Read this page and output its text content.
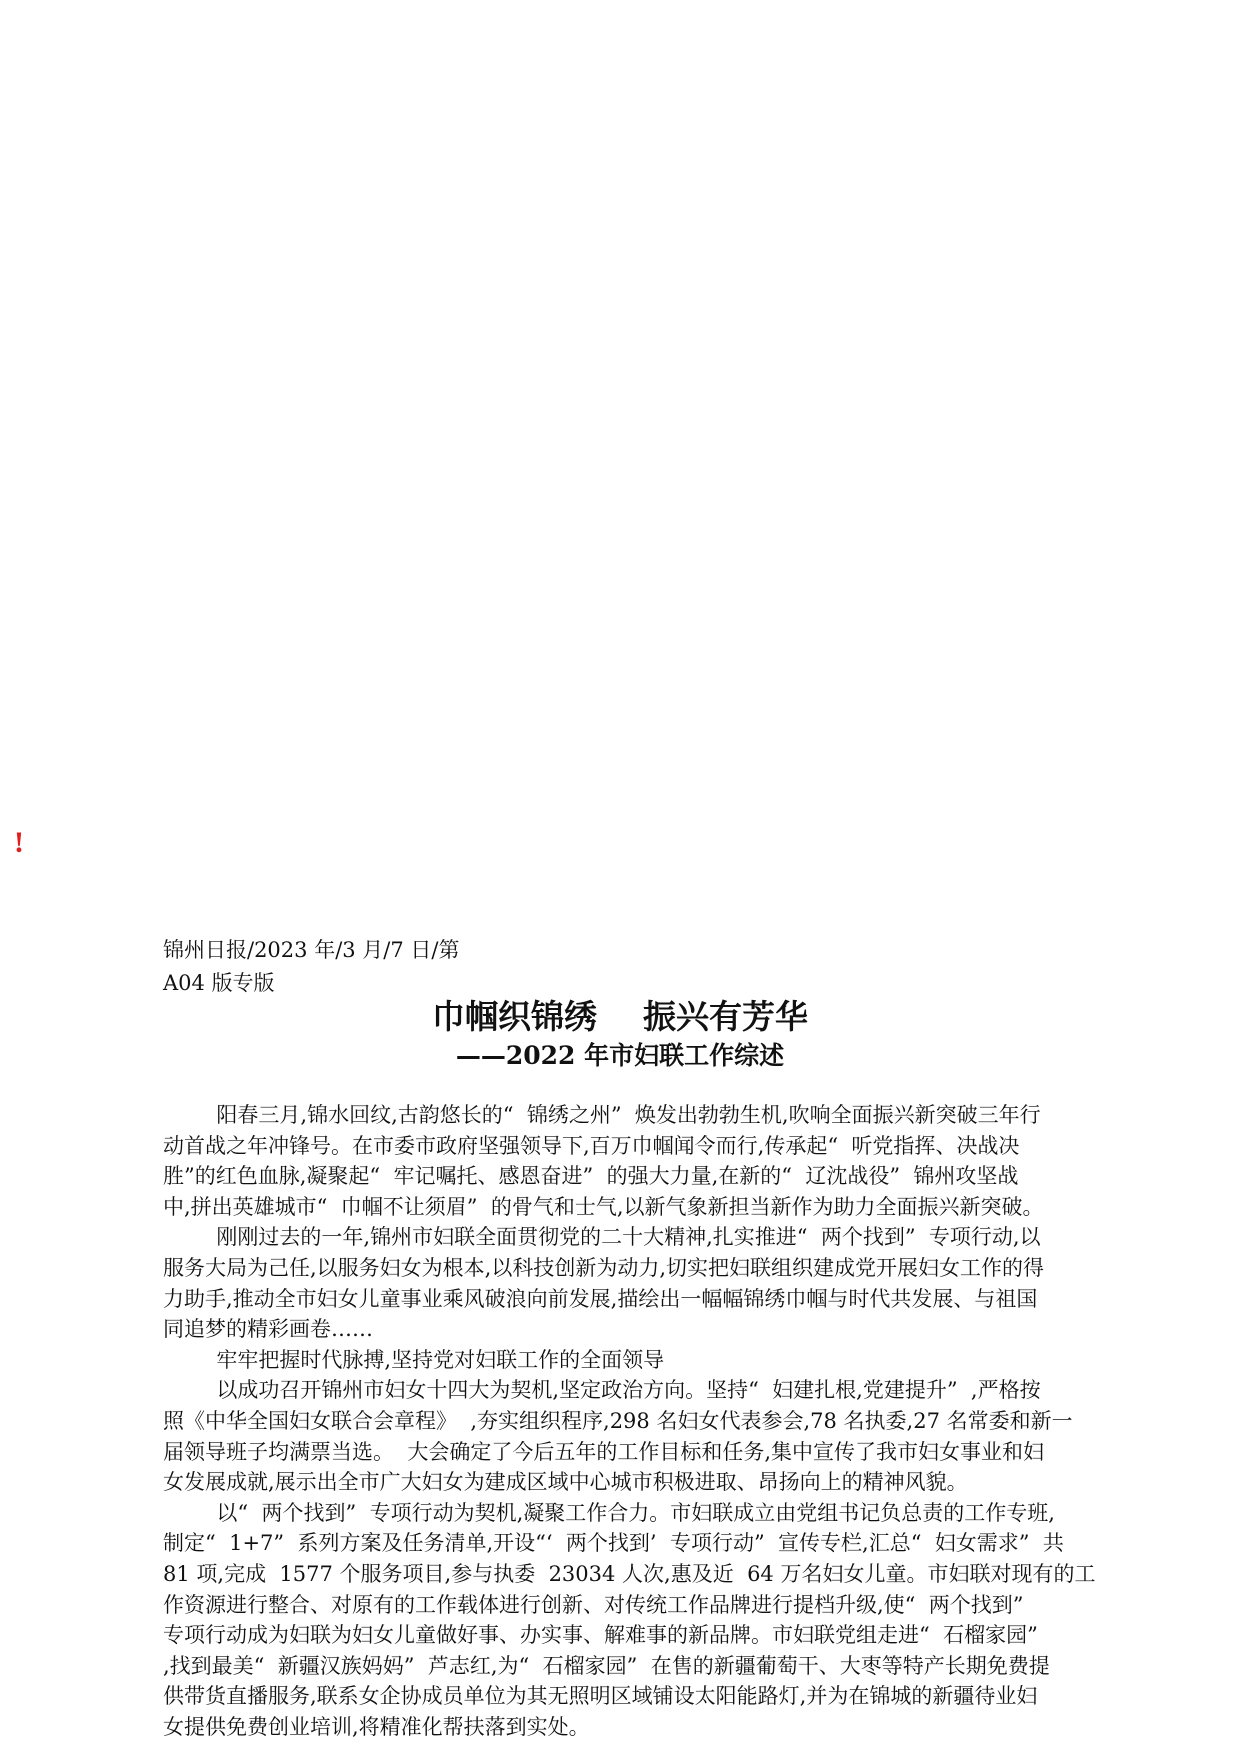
!
锦州日报/2023 年/3 月/7 日/第 A04 版专版
巾帼织锦绣    振兴有芳华
——2022 年市妇联工作综述
阳春三月,锦水回纹,古韵悠长的“  锦绣之州”  焕发出勃勃生机,吹响全面振兴新突破三年行
动首战之年冲锋号。在市委市政府坚强领导下,百万巾帼闻令而行,传承起“  听党指挥、决战决
胜”的红色血脉,凝聚起“  牢记嘱托、感恩奋进”  的强大力量,在新的“  辽沈战役”  锦州攻坚战
中,拼出英雄城市“  巾帼不让须眉”  的骨气和士气,以新气象新担当新作为助力全面振兴新突破。
刚刚过去的一年,锦州市妇联全面贯彻党的二十大精神,扎实推进“  两个找到”  专项行动,以
服务大局为己任,以服务妇女为根本,以科技创新为动力,切实把妇联组织建成党开展妇女工作的得
力助手,推动全市妇女儿童事业乘风破浪向前发展,描绘出一幅幅锦绣巾帼与时代共发展、与祖国
同追梦的精彩画卷……
牢牢把握时代脉搏,坚持党对妇联工作的全面领导
以成功召开锦州市妇女十四大为契机,坚定政治方向。坚持“  妇建扎根,党建提升”  ,严格按
照《中华全国妇女联合会章程》  ,夯实组织程序,298 名妇女代表参会,78 名执委,27 名常委和新一
届领导班子均满票当选。  大会确定了今后五年的工作目标和任务,集中宣传了我市妇女事业和妇
女发展成就,展示出全市广大妇女为建成区域中心城市积极进取、昂扬向上的精神风貌。
以“  两个找到”  专项行动为契机,凝聚工作合力。市妇联成立由党组书记负总责的工作专班,
制定“  1+7”  系列方案及任务清单,开设“‘  两个找到’  专项行动”  宣传专栏,汇总“  妇女需求”  共
81 项,完成  1577 个服务项目,参与执委  23034 人次,惠及近  64 万名妇女儿童。市妇联对现有的工
作资源进行整合、对原有的工作载体进行创新、对传统工作品牌进行提档升级,使“  两个找到”
专项行动成为妇联为妇女儿童做好事、办实事、解难事的新品牌。市妇联党组走进“  石榴家园”
,找到最美“  新疆汉族妈妈”  芦志红,为“  石榴家园”  在售的新疆葡萄干、大枣等特产长期免费提
供带货直播服务,联系女企协成员单位为其无照明区域铺设太阳能路灯,并为在锦城的新疆待业妇
女提供免费创业培训,将精准化帮扶落到实处。
